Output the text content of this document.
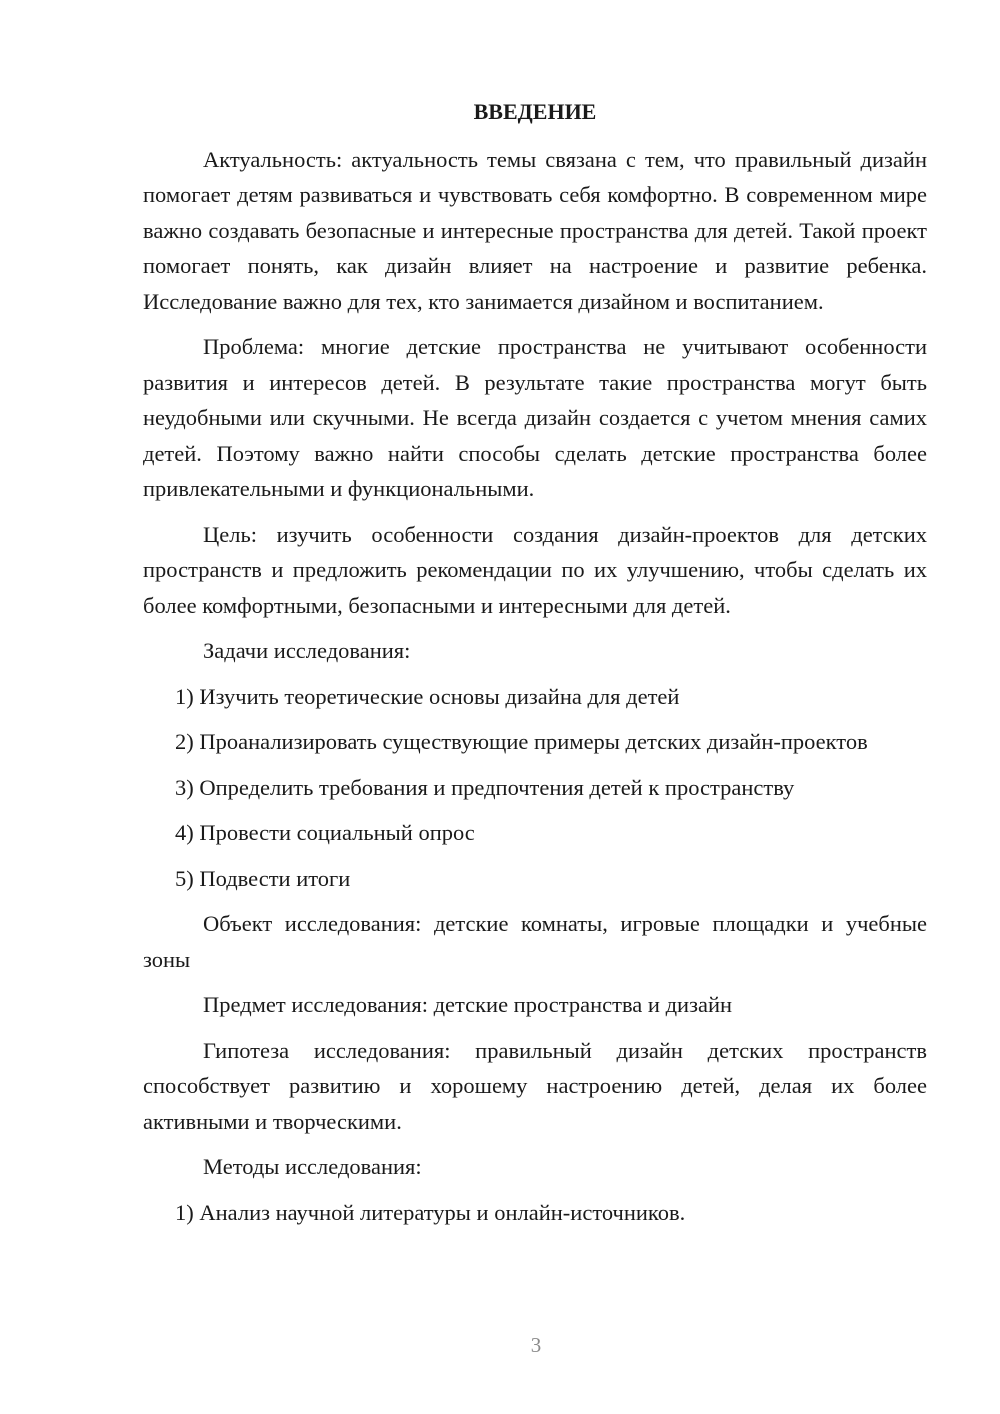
ВВЕДЕНИЕ

Актуальность: актуальность темы связана с тем, что правильный дизайн помогает детям развиваться и чувствовать себя комфортно. В современном мире важно создавать безопасные и интересные пространства для детей. Такой проект помогает понять, как дизайн влияет на настроение и развитие ребенка. Исследование важно для тех, кто занимается дизайном и воспитанием.

Проблема: многие детские пространства не учитывают особенности развития и интересов детей. В результате такие пространства могут быть неудобными или скучными. Не всегда дизайн создается с учетом мнения самих детей. Поэтому важно найти способы сделать детские пространства более привлекательными и функциональными.

Цель: изучить особенности создания дизайн-проектов для детских пространств и предложить рекомендации по их улучшению, чтобы сделать их более комфортными, безопасными и интересными для детей.

Задачи исследования:

1) Изучить теоретические основы дизайна для детей

2) Проанализировать существующие примеры детских дизайн-проектов

3) Определить требования и предпочтения детей к пространству

4) Провести социальный опрос

5) Подвести итоги

Объект исследования: детские комнаты, игровые площадки и учебные зоны

Предмет исследования: детские пространства и дизайн

Гипотеза исследования: правильный дизайн детских пространств способствует развитию и хорошему настроению детей, делая их более активными и творческими.

Методы исследования:

1) Анализ научной литературы и онлайн-источников.

3
